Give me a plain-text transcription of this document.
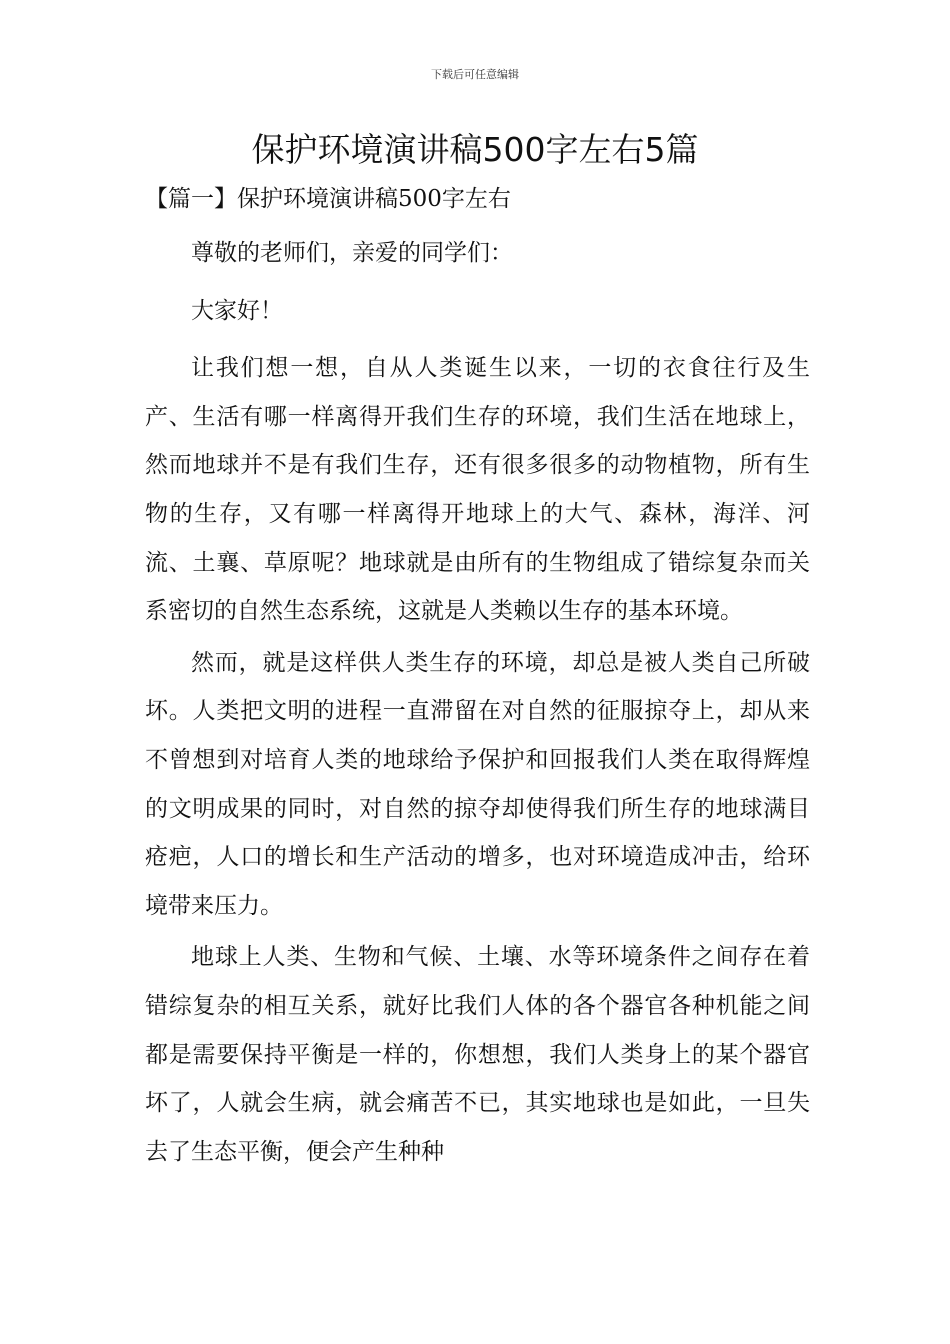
下载后可任意编辑
保护环境演讲稿500字左右5篇
【篇一】保护环境演讲稿500字左右

尊敬的老师们，亲爱的同学们：

大家好！

让我们想一想，自从人类诞生以来，一切的衣食往行及生产、生活有哪一样离得开我们生存的环境，我们生活在地球上，然而地球并不是有我们生存，还有很多很多的动物植物，所有生物的生存，又有哪一样离得开地球上的大气、森林，海洋、河流、土襄、草原呢？地球就是由所有的生物组成了错综复杂而关系密切的自然生态系统，这就是人类赖以生存的基本环境。

然而，就是这样供人类生存的环境，却总是被人类自己所破坏。人类把文明的进程一直滞留在对自然的征服掠夺上，却从来不曾想到对培育人类的地球给予保护和回报我们人类在取得辉煌的文明成果的同时，对自然的掠夺却使得我们所生存的地球满目疮疤，人口的增长和生产活动的增多，也对环境造成冲击，给环境带来压力。

地球上人类、生物和气候、土壤、水等环境条件之间存在着错综复杂的相互关系，就好比我们人体的各个器官各种机能之间都是需要保持平衡是一样的，你想想，我们人类身上的某个器官坏了，人就会生病，就会痛苦不已，其实地球也是如此，一旦失去了生态平衡，便会产生种种
